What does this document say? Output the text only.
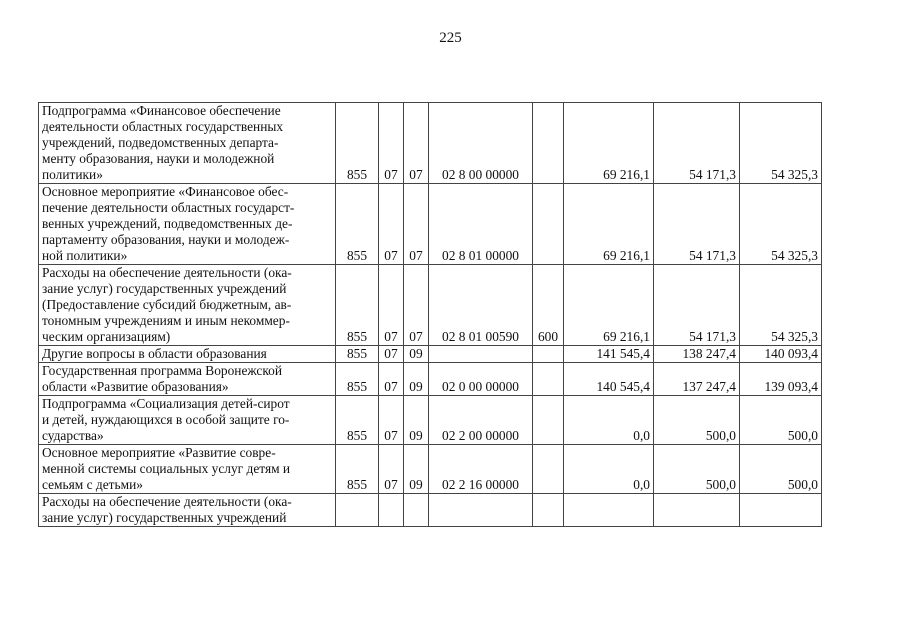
225
Подпрограмма «Финансовое обеспечение
деятельности областных государственных
учреждений, подведомственных департа-
менту образования, науки и молодежной
политики»	855	07	07	02 8 00 00000		69 216,1	54 171,3	54 325,3

Основное мероприятие «Финансовое обес-
печение деятельности областных государст-
венных учреждений, подведомственных де-
партаменту образования, науки и молодеж-
ной политики»	855	07	07	02 8 01 00000		69 216,1	54 171,3	54 325,3

Расходы на обеспечение деятельности (ока-
зание услуг) государственных учреждений
(Предоставление субсидий бюджетным, ав-
тономным учреждениям и иным некоммер-
ческим организациям)	855	07	07	02 8 01 00590	600	69 216,1	54 171,3	54 325,3

Другие вопросы в области образования	855	07	09			141 545,4	138 247,4	140 093,4

Государственная программа Воронежской
области «Развитие образования»	855	07	09	02 0 00 00000		140 545,4	137 247,4	139 093,4

Подпрограмма «Социализация детей-сирот
и детей, нуждающихся в особой защите го-
сударства»	855	07	09	02 2 00 00000		0,0	500,0	500,0

Основное мероприятие «Развитие совре-
менной системы социальных услуг детям и
семьям с детьми»	855	07	09	02 2 16 00000		0,0	500,0	500,0

Расходы на обеспечение деятельности (ока-
зание услуг) государственных учреждений								
